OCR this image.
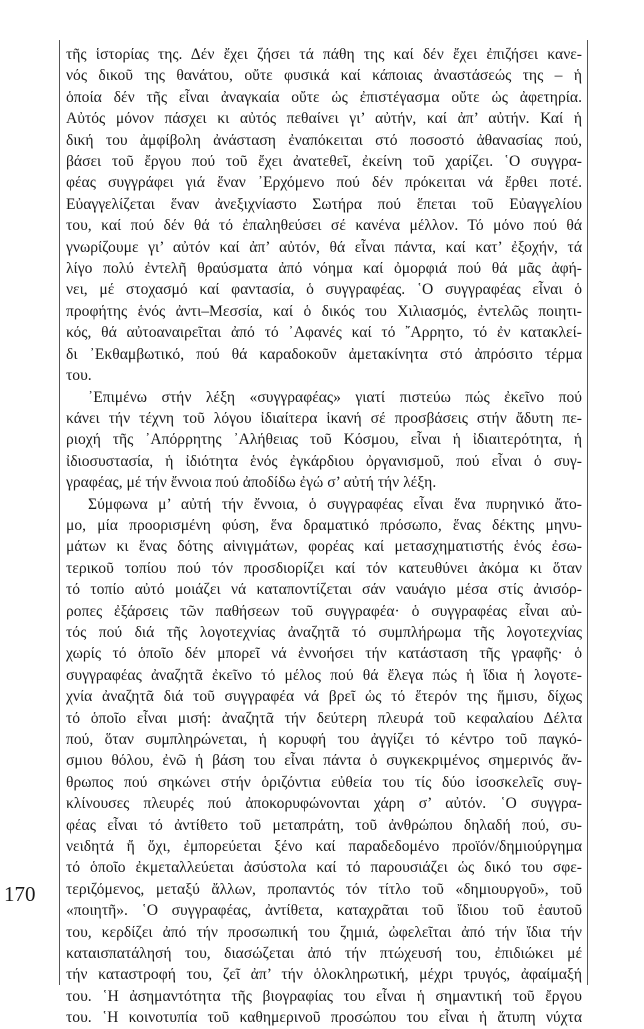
τῆς ἱστορίας της. Δέν ἔχει ζήσει τά πάθη της καί δέν ἔχει ἐπιζήσει κανε-
νός δικοῦ της θανάτου, οὔτε φυσικά καί κάποιας ἀναστάσεώς της – ἡ
ὁποία δέν τῆς εἶναι ἀναγκαία οὔτε ὡς ἐπιστέγασμα οὔτε ὡς ἀφετηρία.
Αὐτός μόνον πάσχει κι αὐτός πεθαίνει γι’ αὐτήν, καί ἀπ’ αὐτήν. Καί ἡ
δική του ἀμφίβολη ἀνάσταση ἐναπόκειται στό ποσοστό ἀθανασίας πού,
βάσει τοῦ ἔργου πού τοῦ ἔχει ἀνατεθεῖ, ἐκείνη τοῦ χαρίζει. ῾Ο συγγρα-
φέας συγγράφει γιά ἕναν ᾿Ερχόμενο πού δέν πρόκειται νά ἔρθει ποτέ.
Εὐαγγελίζεται ἕναν ἀνεξιχνίαστο Σωτήρα πού ἕπεται τοῦ Εὐαγγελίου
του, καί πού δέν θά τό ἐπαληθεύσει σέ κανένα μέλλον. Τό μόνο πού θά
γνωρίζουμε γι’ αὐτόν καί ἀπ’ αὐτόν, θά εἶναι πάντα, καί κατ’ ἐξοχήν, τά
λίγο πολύ ἐντελῆ θραύσματα ἀπό νόημα καί ὀμορφιά πού θά μᾶς ἀφή-
νει, μέ στοχασμό καί φαντασία, ὁ συγγραφέας. ῾Ο συγγραφέας εἶναι ὁ
προφήτης ἑνός ἀντι–Μεσσία, καί ὁ δικός του Χιλιασμός, ἐντελῶς ποιητι-
κός, θά αὐτοαναιρεῖται ἀπό τό ᾿Αφανές καί τό ῎Αρρητο, τό ἐν κατακλεί-
δι ᾿Εκθαμβωτικό, πού θά καραδοκοῦν ἀμετακίνητα στό ἀπρόσιτο τέρμα
του.
᾿Επιμένω στήν λέξη «συγγραφέας» γιατί πιστεύω πώς ἐκεῖνο πού
κάνει τήν τέχνη τοῦ λόγου ἰδιαίτερα ἱκανή σέ προσβάσεις στήν ἄδυτη πε-
ριοχή τῆς ᾿Απόρρητης ᾿Αλήθειας τοῦ Κόσμου, εἶναι ἡ ἰδιαιτερότητα, ἡ
ἰδιοσυστασία, ἡ ἰδιότητα ἑνός ἐγκάρδιου ὀργανισμοῦ, πού εἶναι ὁ συγ-
γραφέας, μέ τήν ἔννοια πού ἀποδίδω ἐγώ σ’ αὐτή τήν λέξη.
Σύμφωνα μ’ αὐτή τήν ἔννοια, ὁ συγγραφέας εἶναι ἕνα πυρηνικό ἄτο-
μο, μία προορισμένη φύση, ἕνα δραματικό πρόσωπο, ἕνας δέκτης μηνυ-
μάτων κι ἕνας δότης αἰνιγμάτων, φορέας καί μετασχηματιστής ἑνός ἐσω-
τερικοῦ τοπίου πού τόν προσδιορίζει καί τόν κατευθύνει ἀκόμα κι ὅταν
τό τοπίο αὐτό μοιάζει νά καταποντίζεται σάν ναυάγιο μέσα στίς ἀνισόρ-
ροπες ἐξάρσεις τῶν παθήσεων τοῦ συγγραφέα· ὁ συγγραφέας εἶναι αὐ-
τός πού διά τῆς λογοτεχνίας ἀναζητᾶ τό συμπλήρωμα τῆς λογοτεχνίας
χωρίς τό ὁποῖο δέν μπορεῖ νά ἐννοήσει τήν κατάσταση τῆς γραφῆς· ὁ
συγγραφέας ἀναζητᾶ ἐκεῖνο τό μέλος πού θά ἔλεγα πώς ἡ ἴδια ἡ λογοτε-
χνία ἀναζητᾶ διά τοῦ συγγραφέα νά βρεῖ ὡς τό ἕτερόν της ἥμισυ, δίχως
τό ὁποῖο εἶναι μισή: ἀναζητᾶ τήν δεύτερη πλευρά τοῦ κεφαλαίου Δέλτα
πού, ὅταν συμπληρώνεται, ἡ κορυφή του ἀγγίζει τό κέντρο τοῦ παγκό-
σμιου θόλου, ἐνῶ ἡ βάση του εἶναι πάντα ὁ συγκεκριμένος σημερινός ἄν-
θρωπος πού σηκώνει στήν ὁριζόντια εὐθεία του τίς δύο ἰσοσκελεῖς συγ-
κλίνουσες πλευρές πού ἀποκορυφώνονται χάρη σ’ αὐτόν. ῾Ο συγγρα-
φέας εἶναι τό ἀντίθετο τοῦ μεταπράτη, τοῦ ἀνθρώπου δηλαδή πού, συ-
νειδητά ἤ ὄχι, ἐμπορεύεται ξένο καί παραδεδομένο προϊόν/δημιούργημα
τό ὁποῖο ἐκμεταλλεύεται ἀσύστολα καί τό παρουσιάζει ὡς δικό του σφε-
τεριζόμενος, μεταξύ ἄλλων, προπαντός τόν τίτλο τοῦ «δημιουργοῦ», τοῦ
«ποιητῆ». ῾Ο συγγραφέας, ἀντίθετα, καταχρᾶται τοῦ ἴδιου τοῦ ἑαυτοῦ
του, κερδίζει ἀπό τήν προσωπική του ζημιά, ὠφελεῖται ἀπό τήν ἴδια τήν
καταισπατάλησή του, διασώζεται ἀπό τήν πτώχευσή του, ἐπιδιώκει μέ
τήν καταστροφή του, ζεῖ ἀπ’ τήν ὁλοκληρωτική, μέχρι τρυγός, ἀφαίμαξή
του. ῾Η ἀσημαντότητα τῆς βιογραφίας του εἶναι ἡ σημαντική τοῦ ἔργου
του. ῾Η κοινοτυπία τοῦ καθημερινοῦ προσώπου του εἶναι ἡ ἄτυπη νύχτα
170
